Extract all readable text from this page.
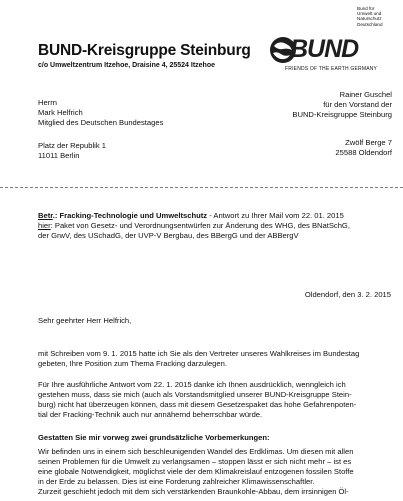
BUND-Kreisgruppe Steinburg
c/o Umweltzentrum Itzehoe, Draisine 4, 25524 Itzehoe
Bund für
Umwelt und
Naturschutz
Deutschland
BUND
FRIENDS OF THE EARTH GERMANY
Herrn
Mark Helfrich
Mitglied des Deutschen Bundestages
Platz der Republik 1
11011 Berlin
Rainer Guschel
für den Vorstand der
BUND-Kreisgruppe Steinburg
Zwölf Berge 7
25588 Oldendorf
Betr.: Fracking-Technologie und Umweltschutz - Antwort zu Ihrer Mail vom 22. 01. 2015
hier: Paket von Gesetz- und Verordnungsentwürfen zur Änderung des WHG, des BNatSchG,
der GrwV, des USchadG, der UVP-V Bergbau, des BBergG und der ABBergV
Oldendorf, den 3. 2. 2015
Sehr geehrter Herr Helfrich,
mit Schreiben vom 9. 1. 2015 hatte ich Sie als den Vertreter unseres Wahlkreises im Bundestag
gebeten, Ihre Position zum Thema Fracking darzulegen.
Für Ihre ausführliche Antwort vom 22. 1. 2015 danke ich Ihnen ausdrücklich, wenngleich ich
gestehen muss, dass sie mich (auch als Vorstandsmitglied unserer BUND-Kreisgruppe Stein-
burg) nicht hat überzeugen können, dass mit diesem Gesetzespaket das hohe Gefahrenpoten-
tial der Fracking-Technik auch nur annähernd beherrschbar würde.
Gestatten Sie mir vorweg zwei grundsätzliche Vorbemerkungen:
Wir befinden uns in einem sich beschleunigenden Wandel des Erdklimas. Um diesen mit allen
seinen Problemen für die Umwelt zu verlangsamen – stoppen lässt er sich nicht mehr – ist es
eine globale Notwendigkeit, möglichst viele der dem Klimakreislauf entzogenen fossilen Stoffe
in der Erde zu belassen. Dies ist eine Forderung zahlreicher Klimawissenschaftler.
Zurzeit geschieht jedoch mit dem sich verstärkenden Braunkohle-Abbau, dem irrsinnigen Öl-
